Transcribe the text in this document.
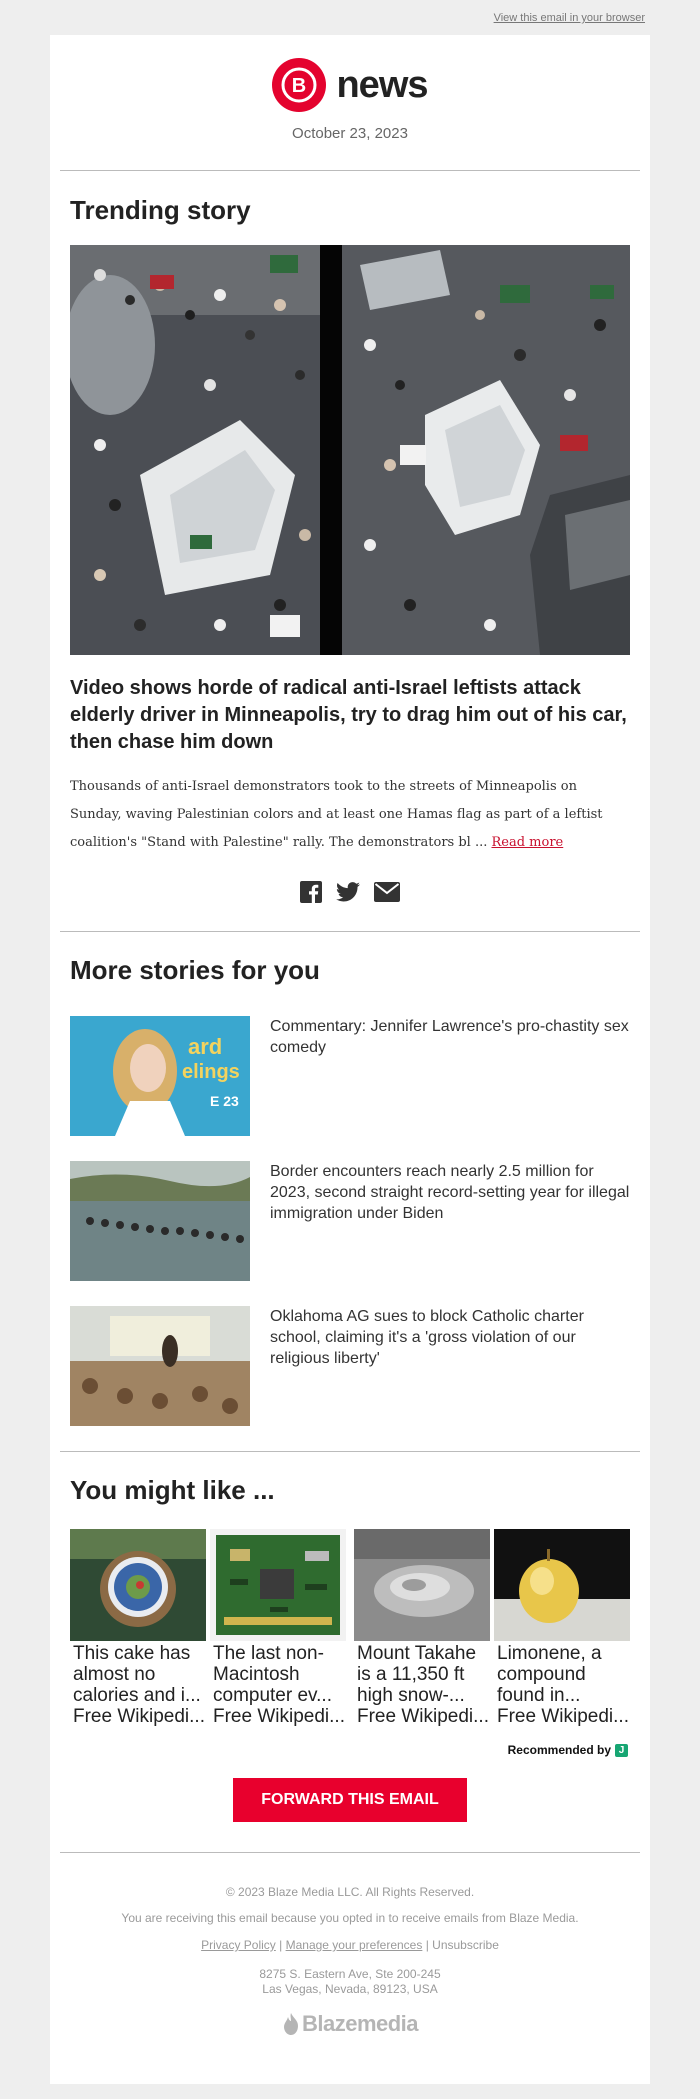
View this email in your browser
B news
October 23, 2023
Trending story
Video shows horde of radical anti-Israel leftists attack elderly driver in Minneapolis, try to drag him out of his car, then chase him down
Thousands of anti-Israel demonstrators took to the streets of Minneapolis on Sunday, waving Palestinian colors and at least one Hamas flag as part of a leftist coalition's "Stand with Palestine" rally. The demonstrators bl ... Read more
More stories for you
ard
elings
E 23
Commentary: Jennifer Lawrence's pro-chastity sex comedy
Border encounters reach nearly 2.5 million for 2023, second straight record-setting year for illegal immigration under Biden
Oklahoma AG sues to block Catholic charter school, claiming it's a 'gross violation of our religious liberty'
You might like ...
This cake has almost no calories and i...
Free Wikipedi...
The last non-Macintosh computer ev...
Free Wikipedi...
Mount Takahe is a 11,350 ft high snow-...
Free Wikipedi...
Limonene, a compound found in...
Free Wikipedi...
Recommended by J
FORWARD THIS EMAIL
© 2023 Blaze Media LLC. All Rights Reserved.
You are receiving this email because you opted in to receive emails from Blaze Media.
Privacy Policy | Manage your preferences | Unsubscribe
8275 S. Eastern Ave, Ste 200-245
Las Vegas, Nevada, 89123, USA
Blazemedia
